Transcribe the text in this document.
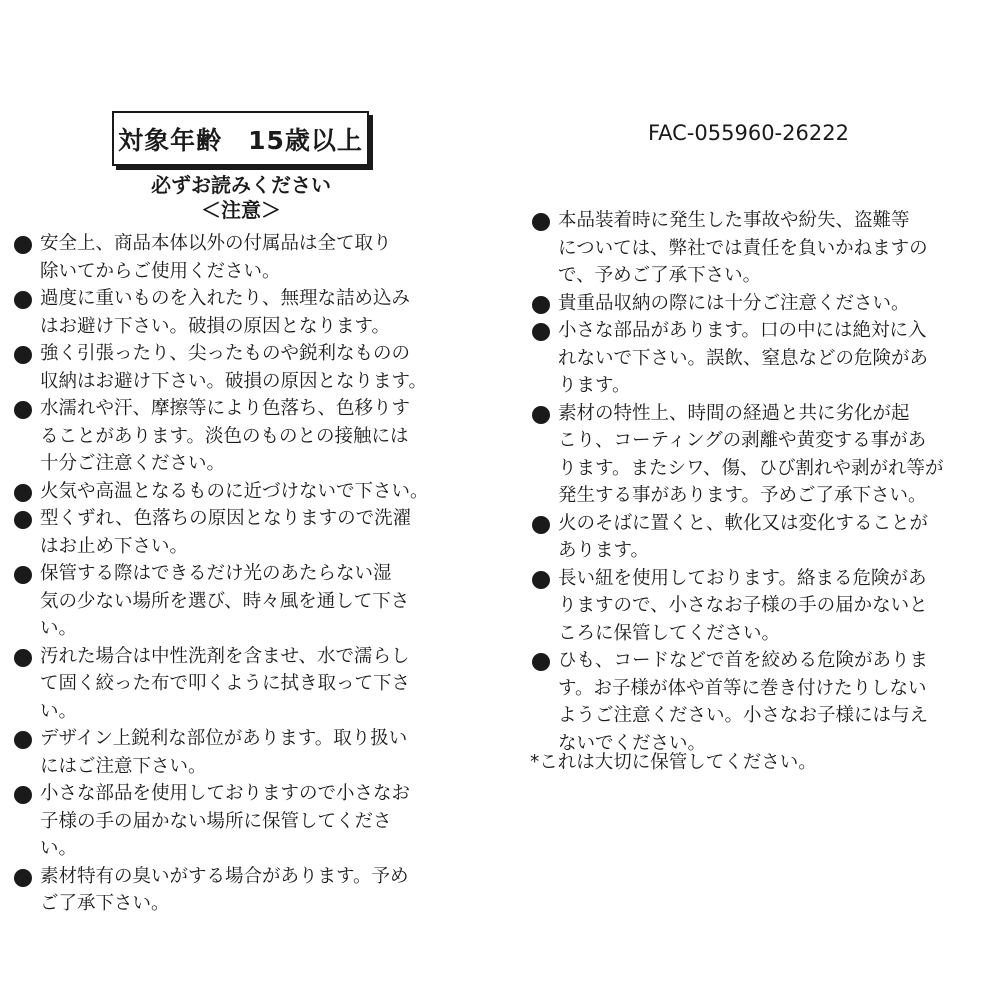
対象年齢　15歳以上	FAC-055960-26222
必ずお読みください
＜注意＞
安全上、商品本体以外の付属品は全て取り
除いてからご使用ください。
過度に重いものを入れたり、無理な詰め込み
はお避け下さい。破損の原因となります。
強く引張ったり、尖ったものや鋭利なものの
収納はお避け下さい。破損の原因となります。
水濡れや汗、摩擦等により色落ち、色移りす
ることがあります。淡色のものとの接触には
十分ご注意ください。
火気や高温となるものに近づけないで下さい。
型くずれ、色落ちの原因となりますので洗濯
はお止め下さい。
保管する際はできるだけ光のあたらない湿
気の少ない場所を選び、時々風を通して下さ
い。
汚れた場合は中性洗剤を含ませ、水で濡らし
て固く絞った布で叩くように拭き取って下さ
い。
デザイン上鋭利な部位があります。取り扱い
にはご注意下さい。
小さな部品を使用しておりますので小さなお
子様の手の届かない場所に保管してくださ
い。
素材特有の臭いがする場合があります。予め
ご了承下さい。
本品装着時に発生した事故や紛失、盗難等
については、弊社では責任を負いかねますの
で、予めご了承下さい。
貴重品収納の際には十分ご注意ください。
小さな部品があります。口の中には絶対に入
れないで下さい。誤飲、窒息などの危険があ
ります。
素材の特性上、時間の経過と共に劣化が起
こり、コーティングの剥離や黄変する事があ
ります。またシワ、傷、ひび割れや剥がれ等が
発生する事があります。予めご了承下さい。
火のそばに置くと、軟化又は変化することが
あります。
長い紐を使用しております。絡まる危険があ
りますので、小さなお子様の手の届かないと
ころに保管してください。
ひも、コードなどで首を絞める危険がありま
す。お子様が体や首等に巻き付けたりしない
ようご注意ください。小さなお子様には与え
ないでください。
*これは大切に保管してください。
